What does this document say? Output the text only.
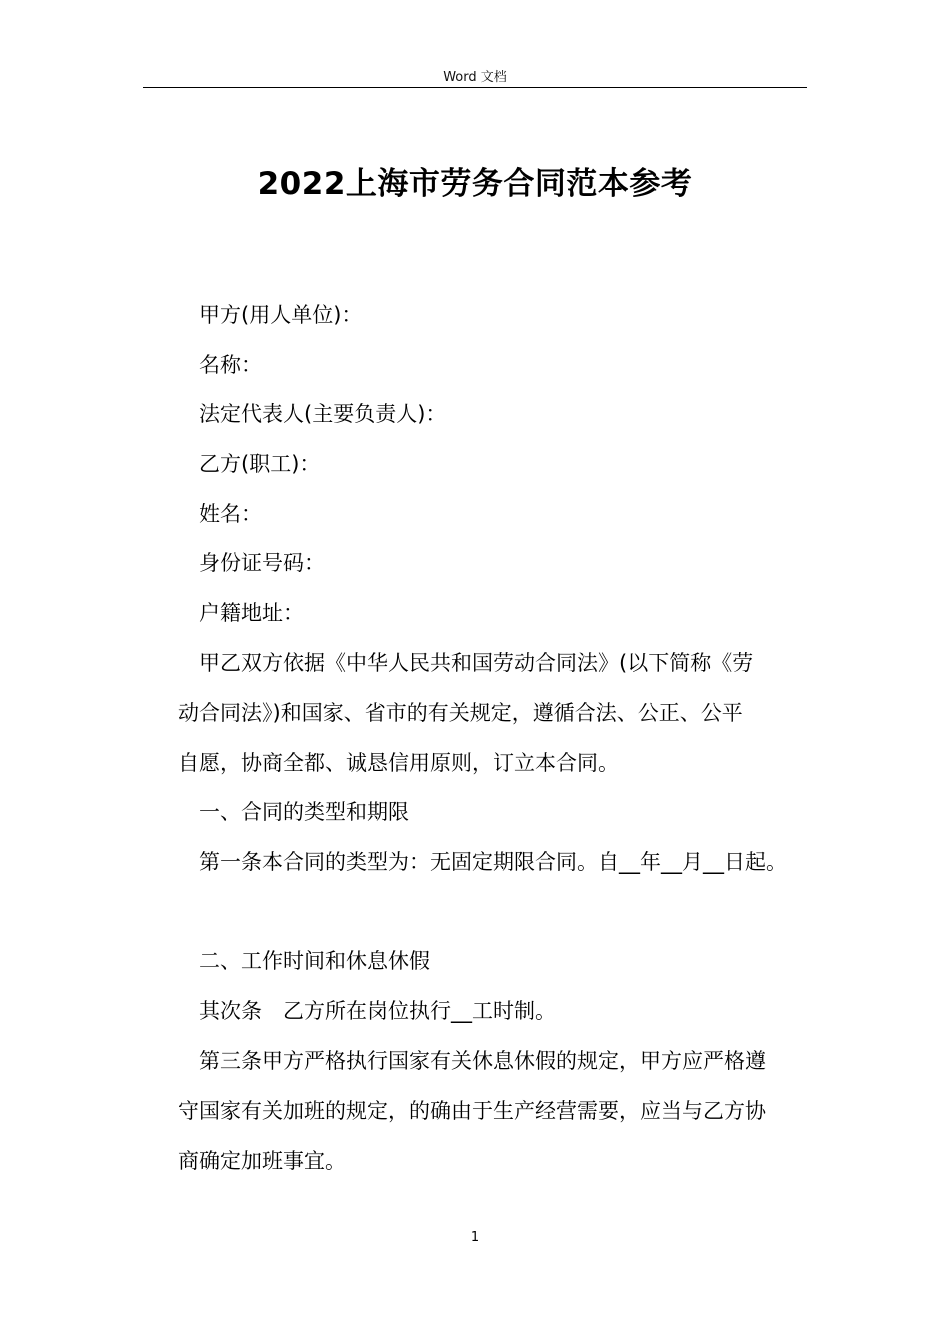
Word 文档
2022上海市劳务合同范本参考
甲方(用人单位)：
名称：
法定代表人(主要负责人)：
乙方(职工)：
姓名：
身份证号码：
户籍地址：
甲乙双方依据《中华人民共和国劳动合同法》(以下简称《劳
动合同法》)和国家、省市的有关规定，遵循合法、公正、公平
自愿，协商全都、诚恳信用原则，订立本合同。
一、合同的类型和期限
第一条本合同的类型为：无固定期限合同。自__年__月__日起。
二、工作时间和休息休假
其次条　乙方所在岗位执行__工时制。
第三条甲方严格执行国家有关休息休假的规定，甲方应严格遵
守国家有关加班的规定，的确由于生产经营需要，应当与乙方协
商确定加班事宜。
1
